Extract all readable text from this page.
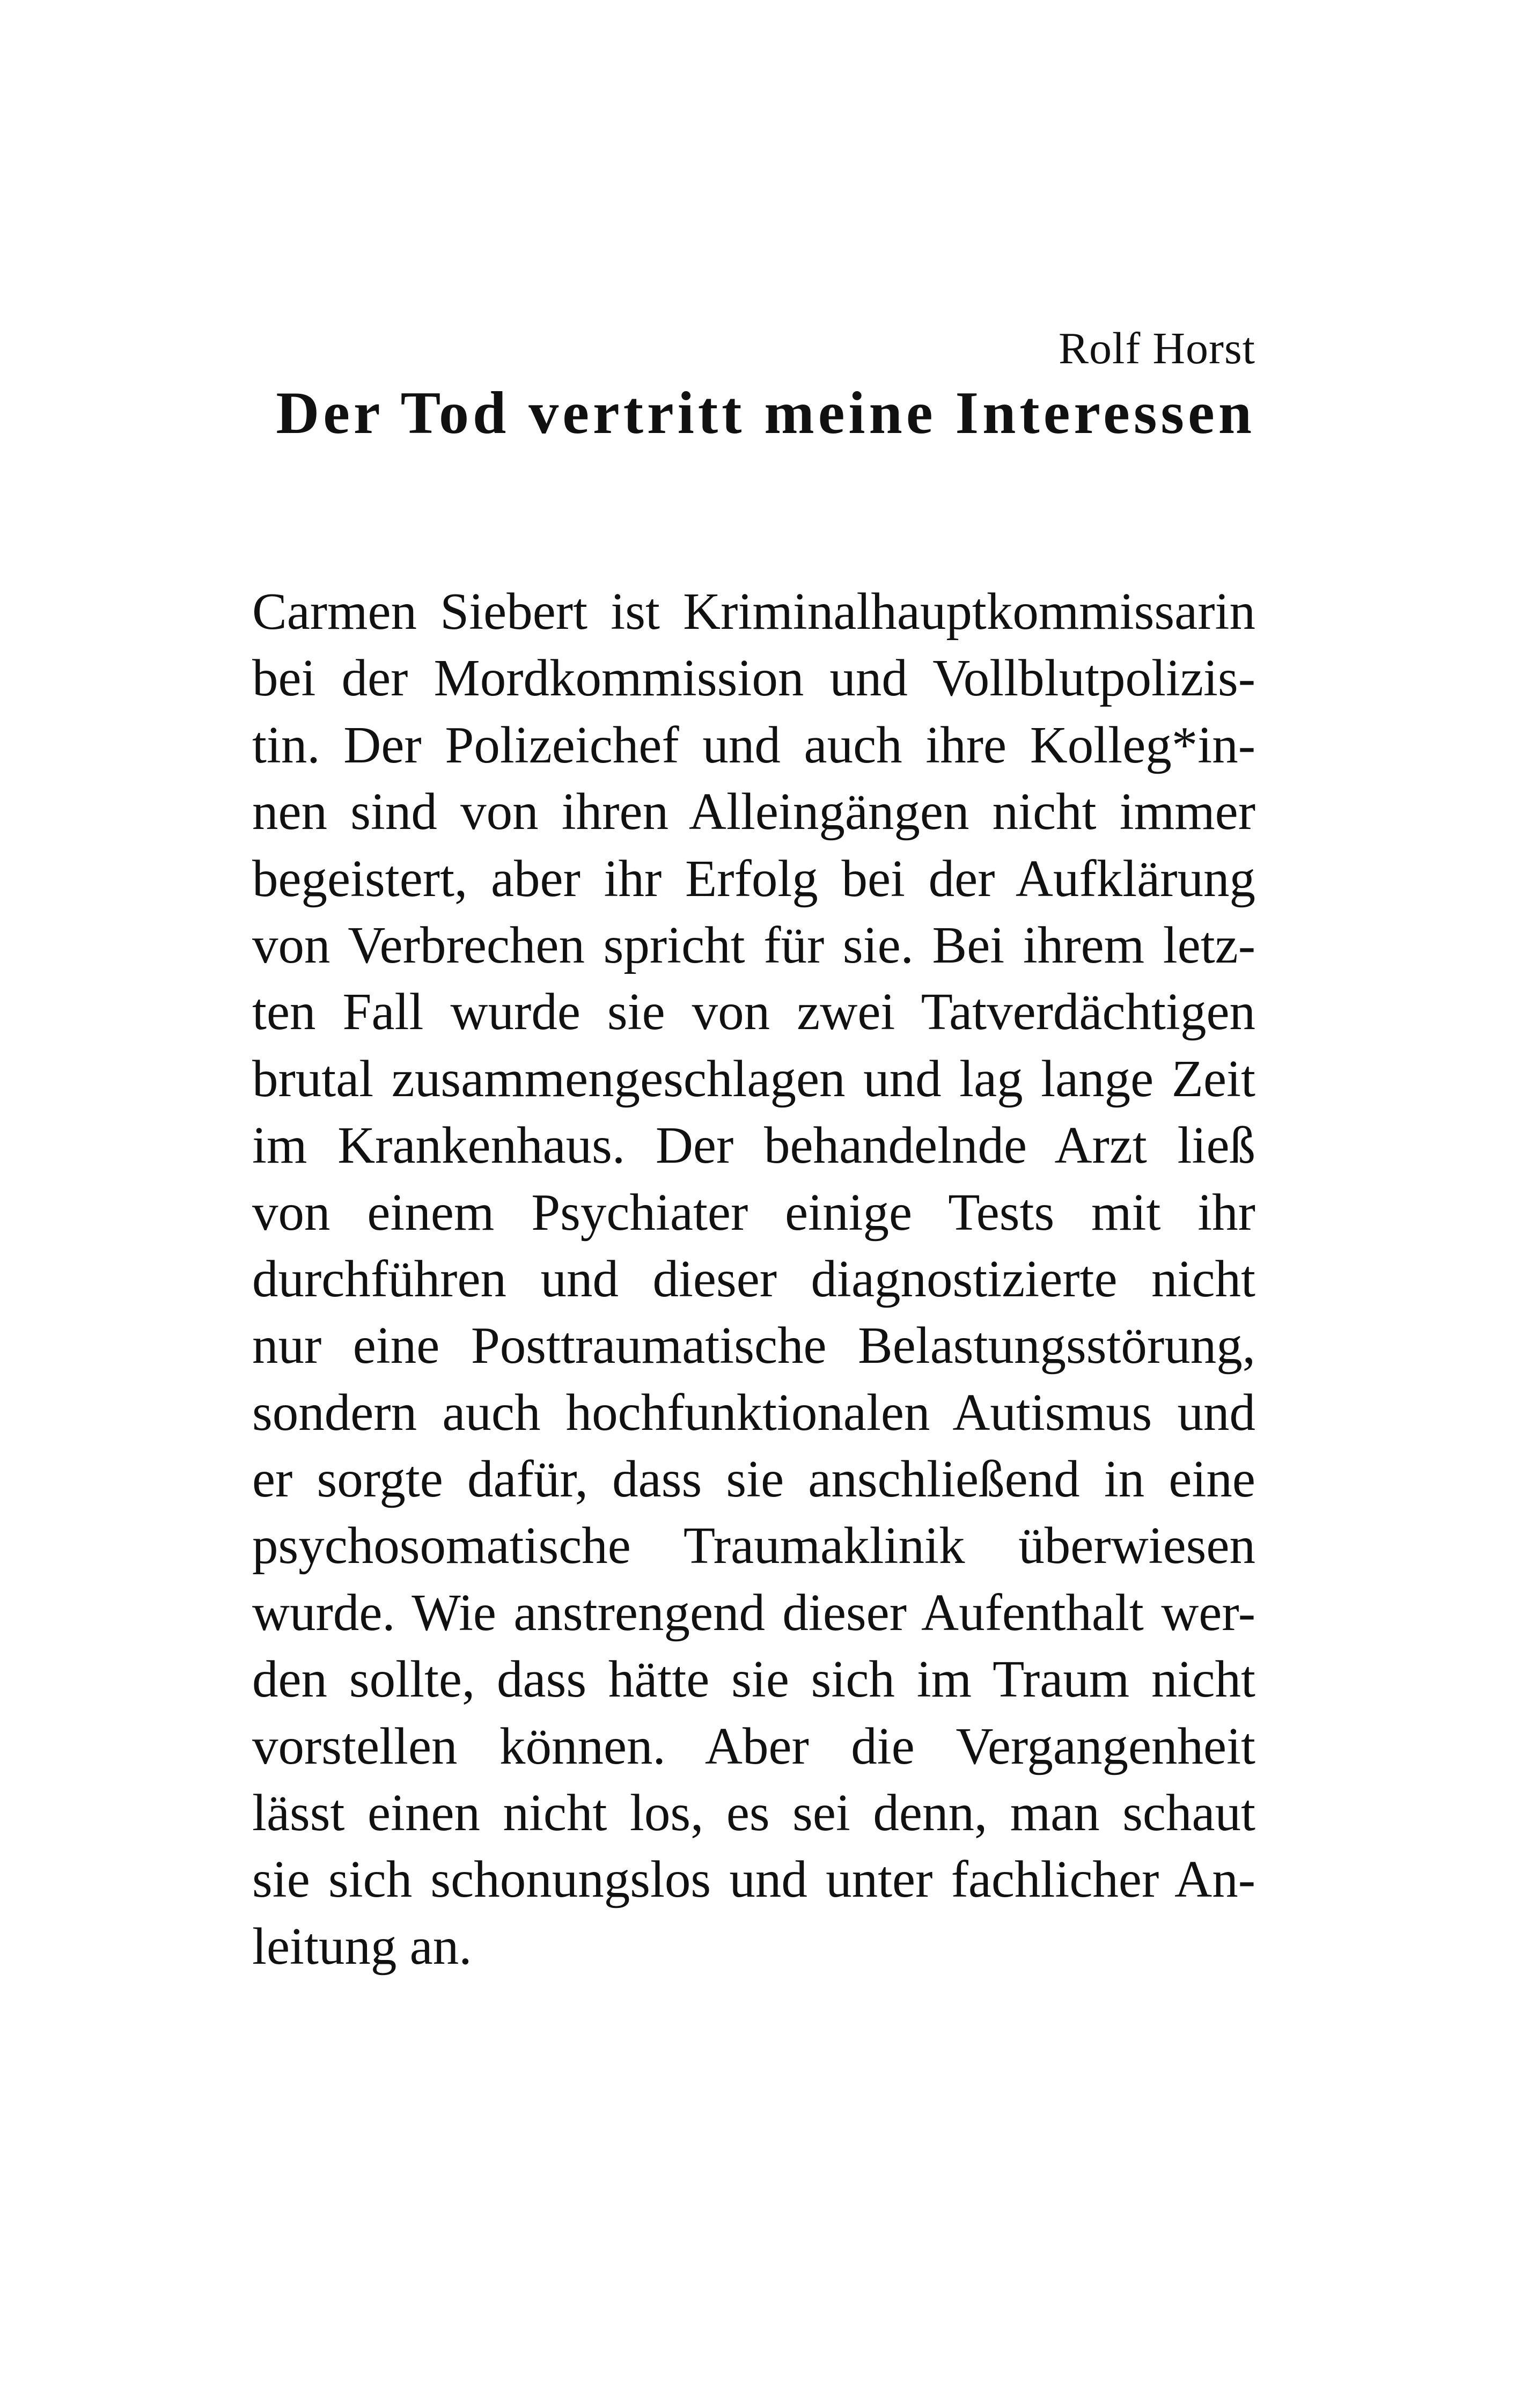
Rolf Horst
Der Tod vertritt meine Interessen
Carmen Siebert ist Kriminalhauptkommissarin
bei der Mordkommission und Vollblutpolizis-
tin. Der Polizeichef und auch ihre Kolleg*in-
nen sind von ihren Alleingängen nicht immer
begeistert, aber ihr Erfolg bei der Aufklärung
von Verbrechen spricht für sie. Bei ihrem letz-
ten Fall wurde sie von zwei Tatverdächtigen
brutal zusammengeschlagen und lag lange Zeit
im Krankenhaus. Der behandelnde Arzt ließ
von einem Psychiater einige Tests mit ihr
durchführen und dieser diagnostizierte nicht
nur eine Posttraumatische Belastungsstörung,
sondern auch hochfunktionalen Autismus und
er sorgte dafür, dass sie anschließend in eine
psychosomatische Traumaklinik überwiesen
wurde. Wie anstrengend dieser Aufenthalt wer-
den sollte, dass hätte sie sich im Traum nicht
vorstellen können. Aber die Vergangenheit
lässt einen nicht los, es sei denn, man schaut
sie sich schonungslos und unter fachlicher An-
leitung an.
